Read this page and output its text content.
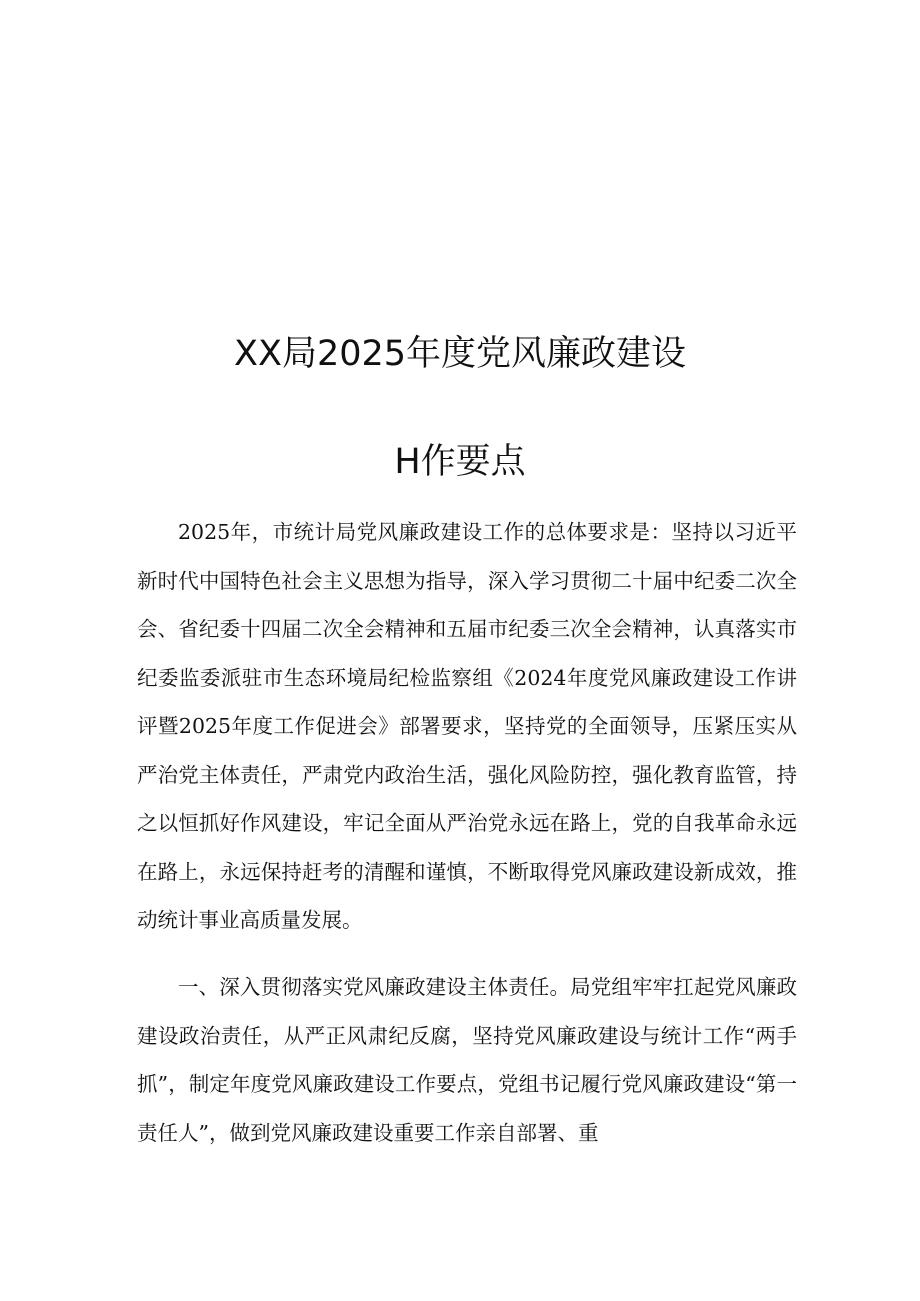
XX局2025年度党风廉政建设
H作要点

2025年，市统计局党风廉政建设工作的总体要求是：坚持以习近平新时代中国特色社会主义思想为指导，深入学习贯彻二十届中纪委二次全会、省纪委十四届二次全会精神和五届市纪委三次全会精神，认真落实市纪委监委派驻市生态环境局纪检监察组《2024年度党风廉政建设工作讲评暨2025年度工作促进会》部署要求，坚持党的全面领导，压紧压实从严治党主体责任，严肃党内政治生活，强化风险防控，强化教育监管，持之以恒抓好作风建设，牢记全面从严治党永远在路上，党的自我革命永远在路上，永远保持赶考的清醒和谨慎，不断取得党风廉政建设新成效，推动统计事业高质量发展。

一、深入贯彻落实党风廉政建设主体责任。局党组牢牢扛起党风廉政建设政治责任，从严正风肃纪反腐，坚持党风廉政建设与统计工作“两手抓”，制定年度党风廉政建设工作要点，党组书记履行党风廉政建设“第一责任人”，做到党风廉政建设重要工作亲自部署、重
